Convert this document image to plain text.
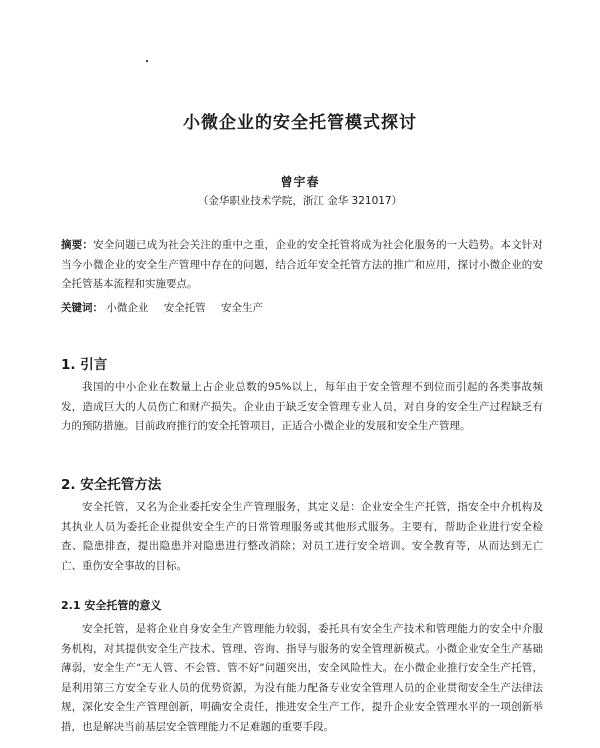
小微企业的安全托管模式探讨
曾宇春
（金华职业技术学院，浙江 金华 321017）
摘要：安全问题已成为社会关注的重中之重，企业的安全托管将成为社会化服务的一大趋势。本文针对当今小微企业的安全生产管理中存在的问题，结合近年安全托管方法的推广和应用，探讨小微企业的安全托管基本流程和实施要点。
关键词： 小微企业 安全托管 安全生产
1. 引言
我国的中小企业在数量上占企业总数的95%以上，每年由于安全管理不到位而引起的各类事故频发，造成巨大的人员伤亡和财产损失。企业由于缺乏安全管理专业人员，对自身的安全生产过程缺乏有力的预防措施。目前政府推行的安全托管项目，正适合小微企业的发展和安全生产管理。
2. 安全托管方法
安全托管，又名为企业委托安全生产管理服务，其定义是：企业安全生产托管，指安全中介机构及其执业人员为委托企业提供安全生产的日常管理服务或其他形式服务。主要有，帮助企业进行安全检查、隐患排查，提出隐患并对隐患进行整改消除；对员工进行安全培训、安全教育等，从而达到无亡亡、重伤安全事故的目标。
2.1 安全托管的意义
安全托管，是将企业自身安全生产管理能力较弱，委托具有安全生产技术和管理能力的安全中介服务机构，对其提供安全生产技术、管理、咨询、指导与服务的安全管理新模式。小微企业安全生产基础薄弱，安全生产“无人管、不会管、管不好”问题突出，安全风险性大。在小微企业推行安全生产托管，是利用第三方安全专业人员的优势资源，为没有能力配备专业安全管理人员的企业贯彻安全生产法律法规，深化安全生产管理创新，明确安全责任，推进安全生产工作，提升企业安全管理水平的一项创新举措，也是解决当前基层安全管理能力不足难题的重要手段。
